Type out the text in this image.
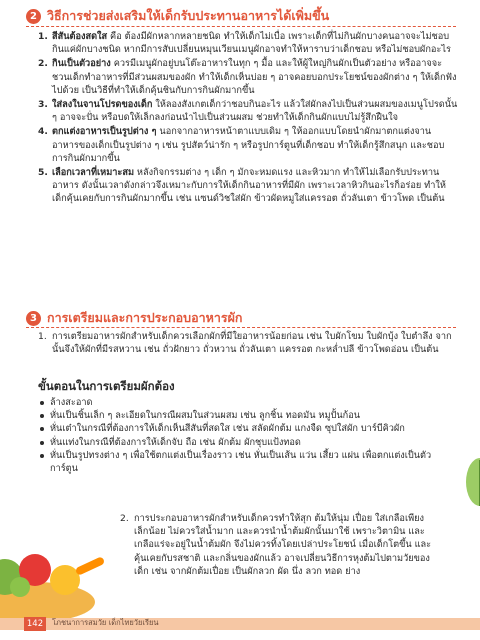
2 วิธีการช่วยส่งเสริมให้เด็กรับประทานอาหารได้เพิ่มขึ้น
1. สีสันต้องสดใส คือ ต้องมีผักหลากหลายชนิด ทำให้เด็กไม่เบื่อ เพราะเด็กที่ไม่กินผักบางคนอาจจะไม่ชอบกินแค่ผักบางชนิด หากมีการสับเปลี่ยนหมุนเวียนเมนูผักอาจทำให้หาราบว่าเด็กชอบ หรือไม่ชอบผักอะไร
2. กินเป็นตัวอย่าง ควรมีเมนูผักอยู่บนโต๊ะอาหารในทุก ๆ มื้อ และให้ผู้ใหญ่กินผักเป็นตัวอย่าง หรืออาจจะชวนเด็กทำอาหารที่มีส่วนผสมของผัก ทำให้เด็กเห็นบ่อย ๆ อาจคอยบอกประโยชน์ของผักต่าง ๆ ให้เด็กฟังไปด้วย เป็นวิธีที่ทำให้เด็กคุ้นชินกับการกินผักมากขึ้น
3. ใส่ลงในจานโปรดของเด็ก ให้ลองสังเกตเด็กว่าชอบกินอะไร แล้วใส่ผักลงไปเป็นส่วนผสมของเมนูโปรดนั้น ๆ อาจจะปั่น หรือบดให้เล็กลงก่อนนำไปเป็นส่วนผสม ช่วยทำให้เด็กกินผักแบบไม่รู้สึกฝืนใจ
4. ตกแต่งอาหารเป็นรูปต่าง ๆ นอกจากอาหารหน้าตาแบบเดิม ๆ ให้ออกแบบโดยนำผักมาตกแต่งจานอาหารของเด็กเป็นรูปต่าง ๆ เช่น รูปสัตว์น่ารัก ๆ หรือรูปการ์ตูนที่เด็กชอบ ทำให้เด็กรู้สึกสนุก และชอบการกินผักมากขึ้น
5. เลือกเวลาที่เหมาะสม หลังกิจกรรมต่าง ๆ เด็ก ๆ มักจะหมดแรง และหิวมาก ทำให้ไม่เลือกรับประทานอาหาร ดังนั้นเวลาดังกล่าวจึงเหมาะกับการให้เด็กกินอาหารที่มีผัก เพราะเวลาหิวกินอะไรก็อร่อย ทำให้เด็กคุ้นเคยกับการกินผักมากขึ้น เช่น แซนด์วิชใส่ผัก ข้าวผัดหมูใส่แครรอต ถั่วลันเตา ข้าวโพด เป็นต้น
3 การเตรียมและการประกอบอาหารผัก
1. การเตรียมอาหารผักสำหรับเด็กควรเลือกผักที่มีใยอาหารน้อยก่อน เช่น ใบผักโขม ใบผักบุ้ง ใบตำลึง จากนั้นจึงให้ผักที่มีรสหวาน เช่น ถั่วฝักยาว ถั่วหวาน ถั่วลันเตา แครรอต กะหล่ำปลี ข้าวโพดอ่อน เป็นต้น
ขั้นตอนในการเตรียมผักต้อง
ล้างสะอาด
หั่นเป็นชิ้นเล็ก ๆ ละเอียดในกรณีผสมในส่วนผสม เช่น ลูกชิ้น ทอดมัน หมูปั้นก้อน
หั่นเต๋าในกรณีที่ต้องการให้เด็กเห็นสีสันที่สดใส เช่น สลัดผักต้ม แกงจืด ซุปใส่ผัก บาร์บีคิวผัก
หั่นแท่งในกรณีที่ต้องการให้เด็กจับ ถือ เช่น ผักต้ม ผักชุบแป้งทอด
หั่นเป็นรูปทรงต่าง ๆ เพื่อใช้ตกแต่งเป็นเรื่องราว เช่น หั่นเป็นเส้น แว่น เสี้ยว แผ่น เพื่อตกแต่งเป็นตัวการ์ตูน
2. การประกอบอาหารผักสำหรับเด็กควรทำให้สุก ต้มให้นุ่ม เปื่อย ใส่เกลือเพียงเล็กน้อย ไม่ควรใส่น้ำมาก และควรนำน้ำต้มผักนั้นมาใช้ เพราะวิตามิน และเกลือแร่จะอยู่ในน้ำต้มผัก จึงไม่ควรทิ้งโดยเปล่าประโยชน์ เมื่อเด็กโตขึ้น และคุ้นเคยกับรสชาติ และกลิ่นของผักแล้ว อาจเปลี่ยนวิธีการหุงต้มไปตามวัยของเด็ก เช่น จากผักต้มเปื่อย เป็นผักลวก ผัด นึ่ง ลวก ทอด ย่าง
142	โภชนาการสมวัย เด็กไทยวัยเรียน
